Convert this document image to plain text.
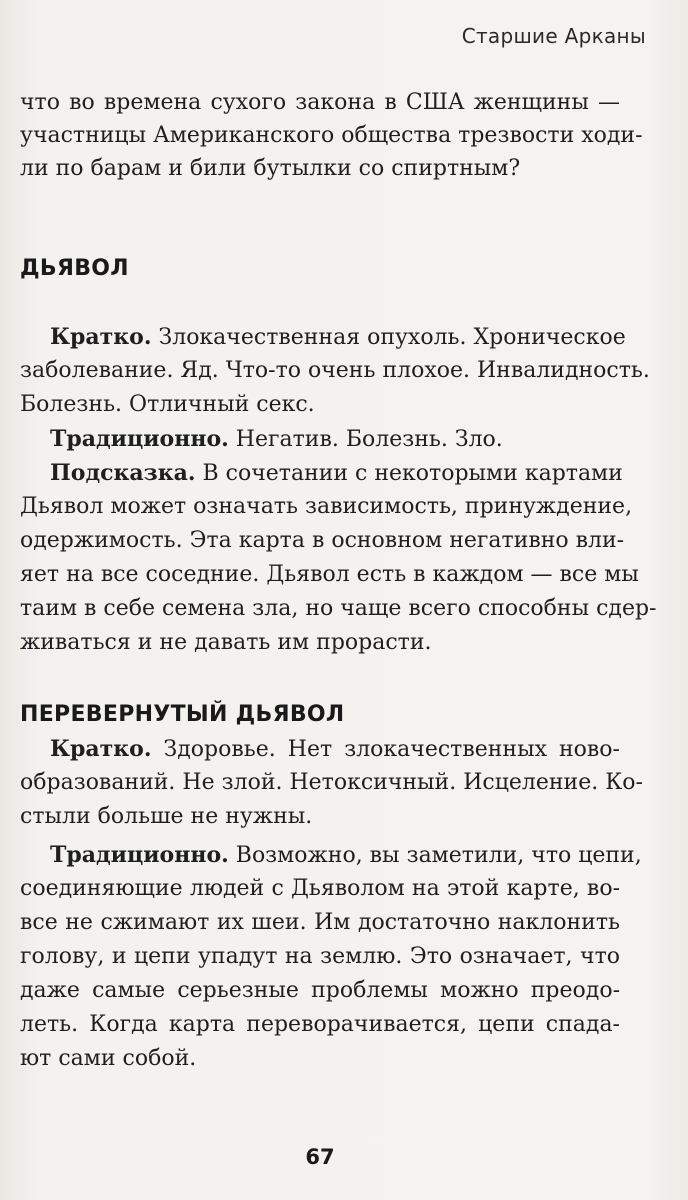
Старшие Арканы
что во времена сухого закона в США женщины —
участницы Американского общества трезвости ходи-
ли по барам и били бутылки со спиртным?
ДЬЯВОЛ
Кратко. Злокачественная опухоль. Хроническое
заболевание. Яд. Что-то очень плохое. Инвалидность.
Болезнь. Отличный секс.
Традиционно. Негатив. Болезнь. Зло.
Подсказка. В сочетании с некоторыми картами
Дьявол может означать зависимость, принуждение,
одержимость. Эта карта в основном негативно вли-
яет на все соседние. Дьявол есть в каждом — все мы
таим в себе семена зла, но чаще всего способны сдер-
живаться и не давать им прорасти.
ПЕРЕВЕРНУТЫЙ ДЬЯВОЛ
Кратко. Здоровье. Нет злокачественных ново-
образований. Не злой. Нетоксичный. Исцеление. Ко-
стыли больше не нужны.
Традиционно. Возможно, вы заметили, что цепи,
соединяющие людей с Дьяволом на этой карте, во-
все не сжимают их шеи. Им достаточно наклонить
голову, и цепи упадут на землю. Это означает, что
даже самые серьезные проблемы можно преодо-
леть. Когда карта переворачивается, цепи спада-
ют сами собой.
67
